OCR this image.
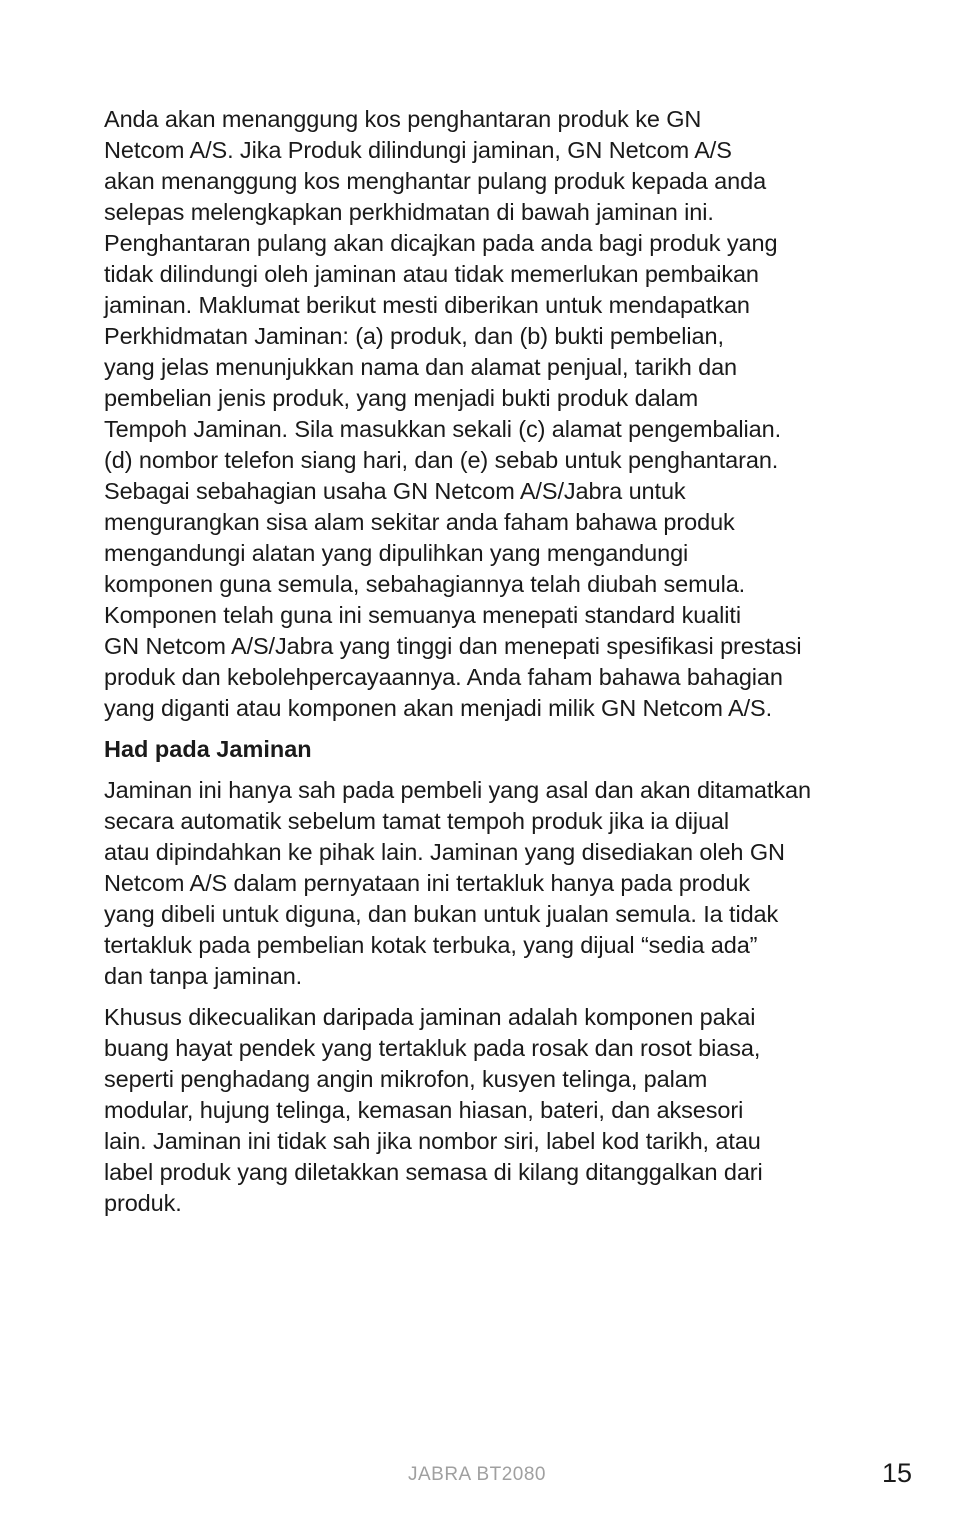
Anda akan menanggung kos penghantaran produk ke GN
Netcom A/S. Jika Produk dilindungi jaminan, GN Netcom A/S
akan menanggung kos menghantar pulang produk kepada anda
selepas melengkapkan perkhidmatan di bawah jaminan ini.
Penghantaran pulang akan dicajkan pada anda bagi produk yang
tidak dilindungi oleh jaminan atau tidak memerlukan pembaikan
jaminan. Maklumat berikut mesti diberikan untuk mendapatkan
Perkhidmatan Jaminan: (a) produk, dan (b) bukti pembelian,
yang jelas menunjukkan nama dan alamat penjual, tarikh dan
pembelian jenis produk, yang menjadi bukti produk dalam
Tempoh Jaminan. Sila masukkan sekali (c) alamat pengembalian.
(d) nombor telefon siang hari, dan (e) sebab untuk penghantaran.
Sebagai sebahagian usaha GN Netcom A/S/Jabra untuk
mengurangkan sisa alam sekitar anda faham bahawa produk
mengandungi alatan yang dipulihkan yang mengandungi
komponen guna semula, sebahagiannya telah diubah semula.
Komponen telah guna ini semuanya menepati standard kualiti
GN Netcom A/S/Jabra yang tinggi dan menepati spesifikasi prestasi
produk dan kebolehpercayaannya. Anda faham bahawa bahagian
yang diganti atau komponen akan menjadi milik GN Netcom A/S.

Had pada Jaminan

Jaminan ini hanya sah pada pembeli yang asal dan akan ditamatkan
secara automatik sebelum tamat tempoh produk jika ia dijual
atau dipindahkan ke pihak lain. Jaminan yang disediakan oleh GN
Netcom A/S dalam pernyataan ini tertakluk hanya pada produk
yang dibeli untuk diguna, dan bukan untuk jualan semula. Ia tidak
tertakluk pada pembelian kotak terbuka, yang dijual “sedia ada”
dan tanpa jaminan.

Khusus dikecualikan daripada jaminan adalah komponen pakai
buang hayat pendek yang tertakluk pada rosak dan rosot biasa,
seperti penghadang angin mikrofon, kusyen telinga, palam
modular, hujung telinga, kemasan hiasan, bateri, dan aksesori
lain. Jaminan ini tidak sah jika nombor siri, label kod tarikh, atau
label produk yang diletakkan semasa di kilang ditanggalkan dari
produk.

JABRA BT2080	15
